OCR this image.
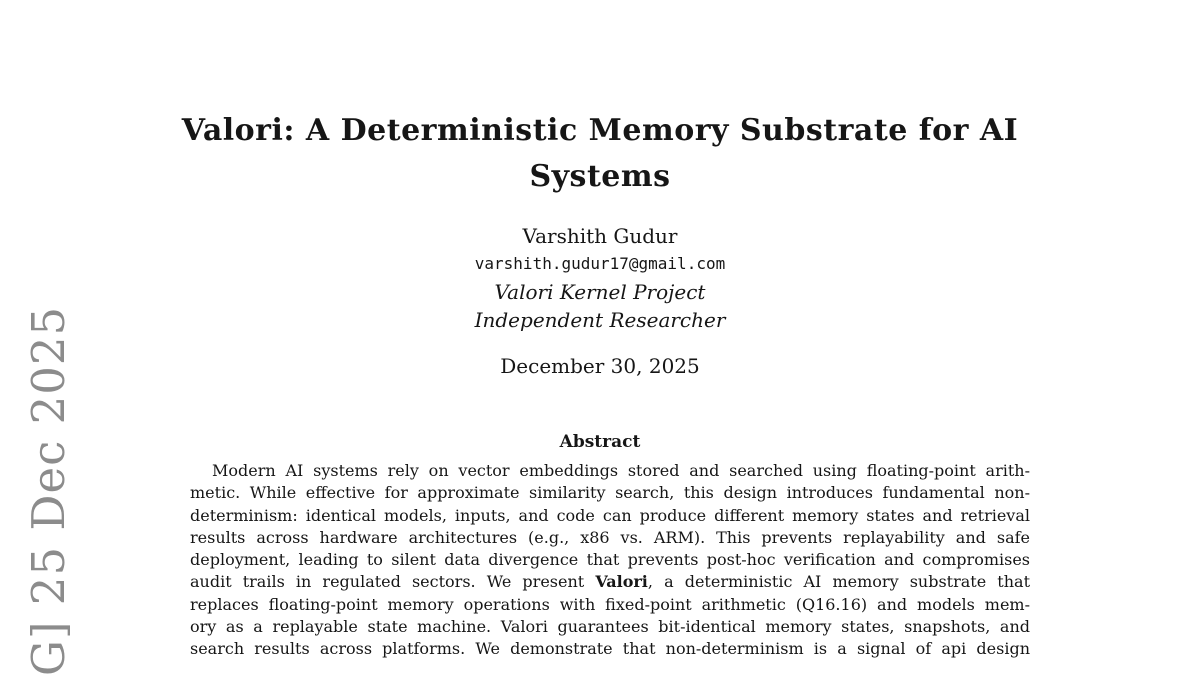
G] 25 Dec 2025
Valori: A Deterministic Memory Substrate for AI
Systems
Varshith Gudur
varshith.gudur17@gmail.com
Valori Kernel Project
Independent Researcher
December 30, 2025
Abstract
Modern AI systems rely on vector embeddings stored and searched using floating-point arith-
metic. While effective for approximate similarity search, this design introduces fundamental non-
determinism: identical models, inputs, and code can produce different memory states and retrieval
results across hardware architectures (e.g., x86 vs. ARM). This prevents replayability and safe
deployment, leading to silent data divergence that prevents post-hoc verification and compromises
audit trails in regulated sectors. We present Valori, a deterministic AI memory substrate that
replaces floating-point memory operations with fixed-point arithmetic (Q16.16) and models mem-
ory as a replayable state machine. Valori guarantees bit-identical memory states, snapshots, and
search results across platforms. We demonstrate that non-determinism is a signal of api design
